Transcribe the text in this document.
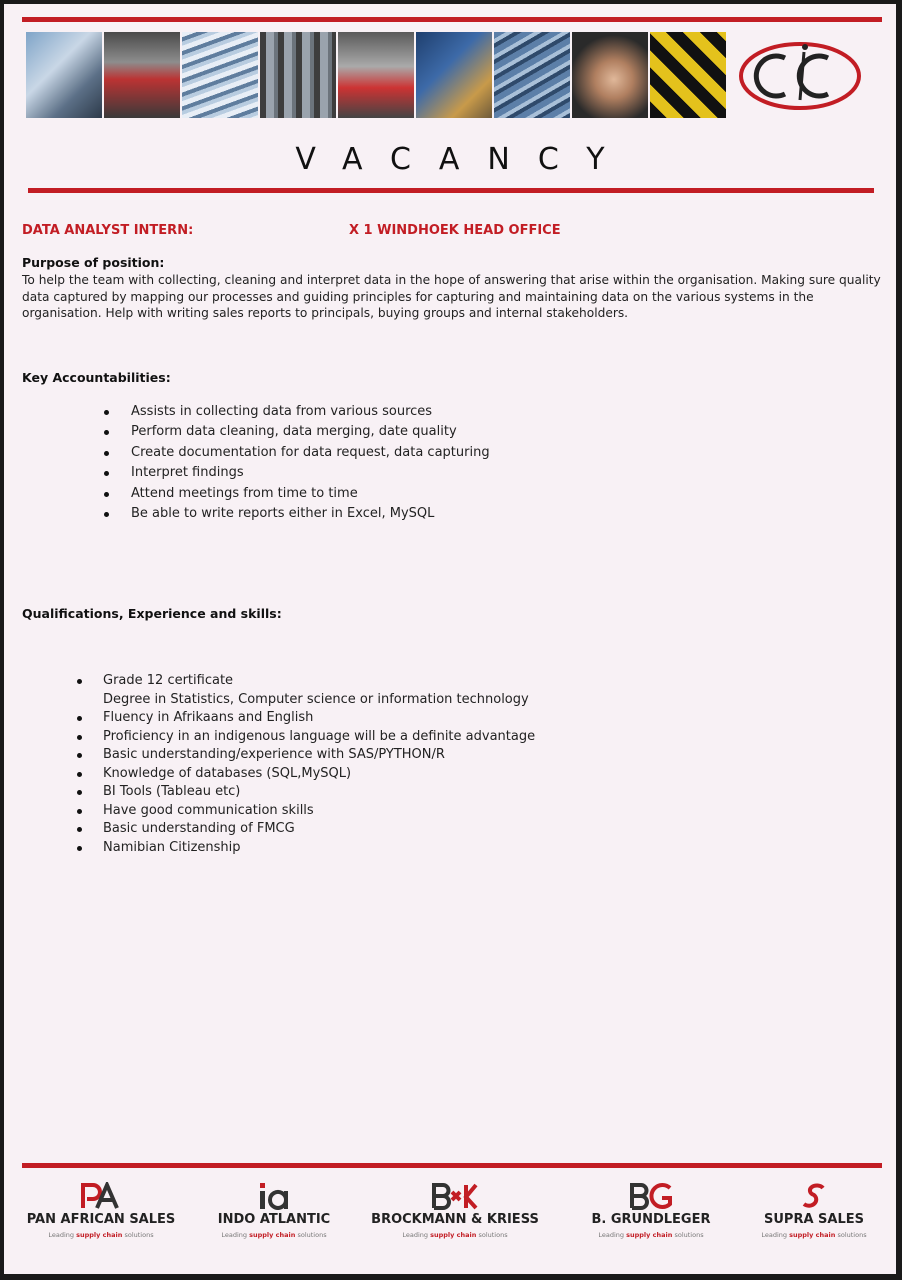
VACANCY
DATA ANALYST INTERN:	X 1 WINDHOEK HEAD OFFICE
Purpose of position:
To help the team with collecting, cleaning and interpret data in the hope of answering that arise within the organisation. Making sure quality data captured by mapping our processes and guiding principles for capturing and maintaining data on the various systems in the organisation. Help with writing sales reports to principals, buying groups and internal stakeholders.
Key Accountabilities:
Assists in collecting data from various sources
Perform data cleaning, data merging, date quality
Create documentation for data request, data capturing
Interpret findings
Attend meetings from time to time
Be able to write reports either in Excel, MySQL
Qualifications, Experience and skills:
Grade 12 certificate
Degree in Statistics, Computer science or information technology
Fluency in Afrikaans and English
Proficiency in an indigenous language will be a definite advantage
Basic understanding/experience with SAS/PYTHON/R
Knowledge of databases (SQL,MySQL)
BI Tools (Tableau etc)
Have good communication skills
Basic understanding of FMCG
Namibian Citizenship
PAN AFRICAN SALES
Leading supply chain solutions
INDO ATLANTIC
Leading supply chain solutions
BROCKMANN & KRIESS
Leading supply chain solutions
B. GRUNDLEGER
Leading supply chain solutions
SUPRA SALES
Leading supply chain solutions
